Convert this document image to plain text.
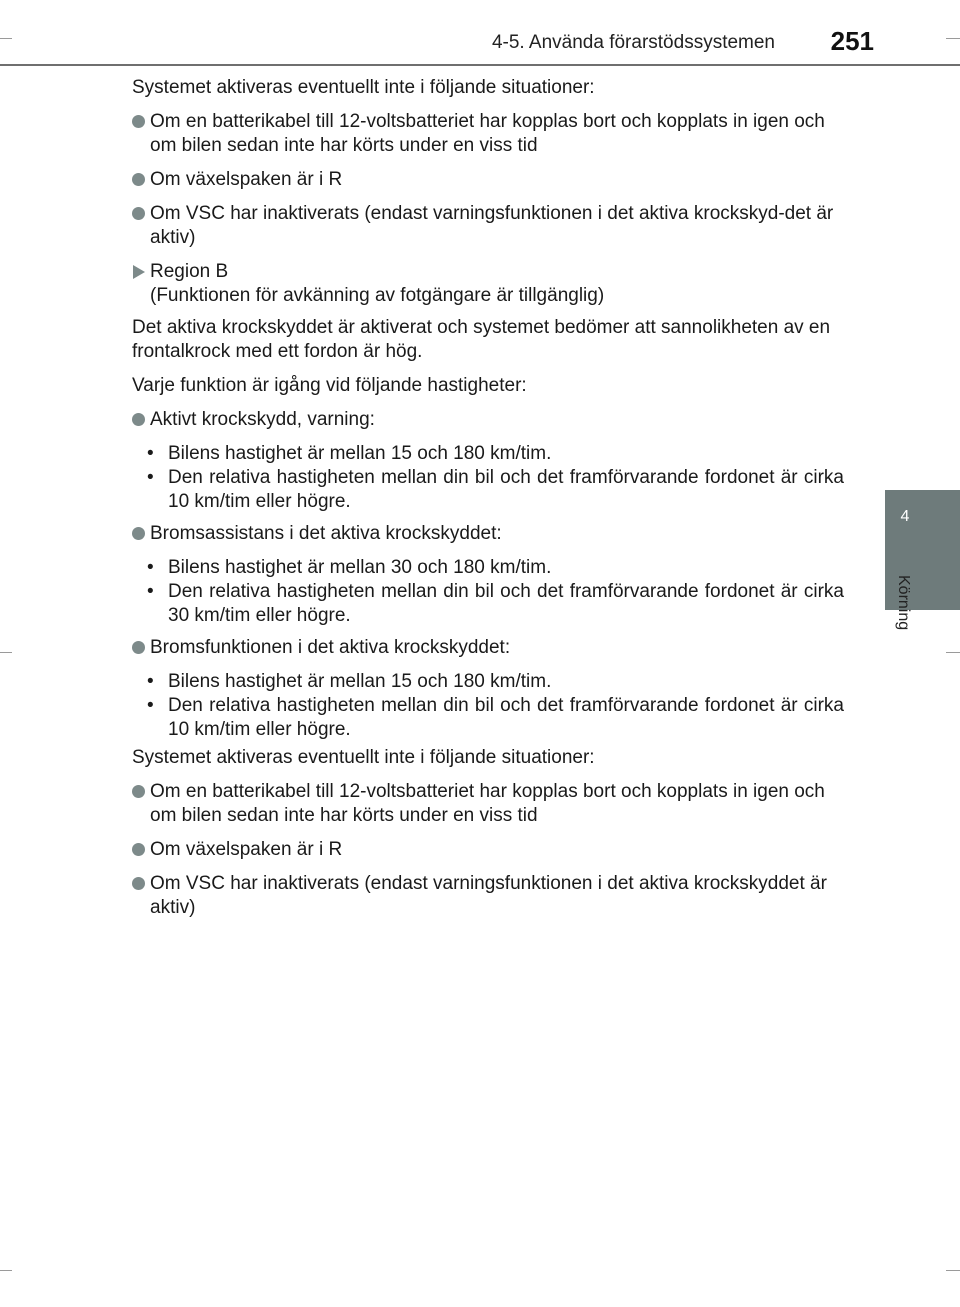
4-5. Använda förarstödssystemen 251
4
Körning

Systemet aktiveras eventuellt inte i följande situationer:

Om en batterikabel till 12-voltsbatteriet har kopplas bort och kopplats in igen och om bilen sedan inte har körts under en viss tid
Om växelspaken är i R
Om VSC har inaktiverats (endast varningsfunktionen i det aktiva krockskyd-det är aktiv)
Region B
(Funktionen för avkänning av fotgängare är tillgänglig)

Det aktiva krockskyddet är aktiverat och systemet bedömer att sannolikheten av en frontalkrock med ett fordon är hög.

Varje funktion är igång vid följande hastigheter:

Aktivt krockskydd, varning:
• Bilens hastighet är mellan 15 och 180 km/tim.
• Den relativa hastigheten mellan din bil och det framförvarande fordonet är cirka 10 km/tim eller högre.
Bromsassistans i det aktiva krockskyddet:
• Bilens hastighet är mellan 30 och 180 km/tim.
• Den relativa hastigheten mellan din bil och det framförvarande fordonet är cirka 30 km/tim eller högre.
Bromsfunktionen i det aktiva krockskyddet:
• Bilens hastighet är mellan 15 och 180 km/tim.
• Den relativa hastigheten mellan din bil och det framförvarande fordonet är cirka 10 km/tim eller högre.

Systemet aktiveras eventuellt inte i följande situationer:

Om en batterikabel till 12-voltsbatteriet har kopplas bort och kopplats in igen och om bilen sedan inte har körts under en viss tid
Om växelspaken är i R
Om VSC har inaktiverats (endast varningsfunktionen i det aktiva krockskyddet är aktiv)
